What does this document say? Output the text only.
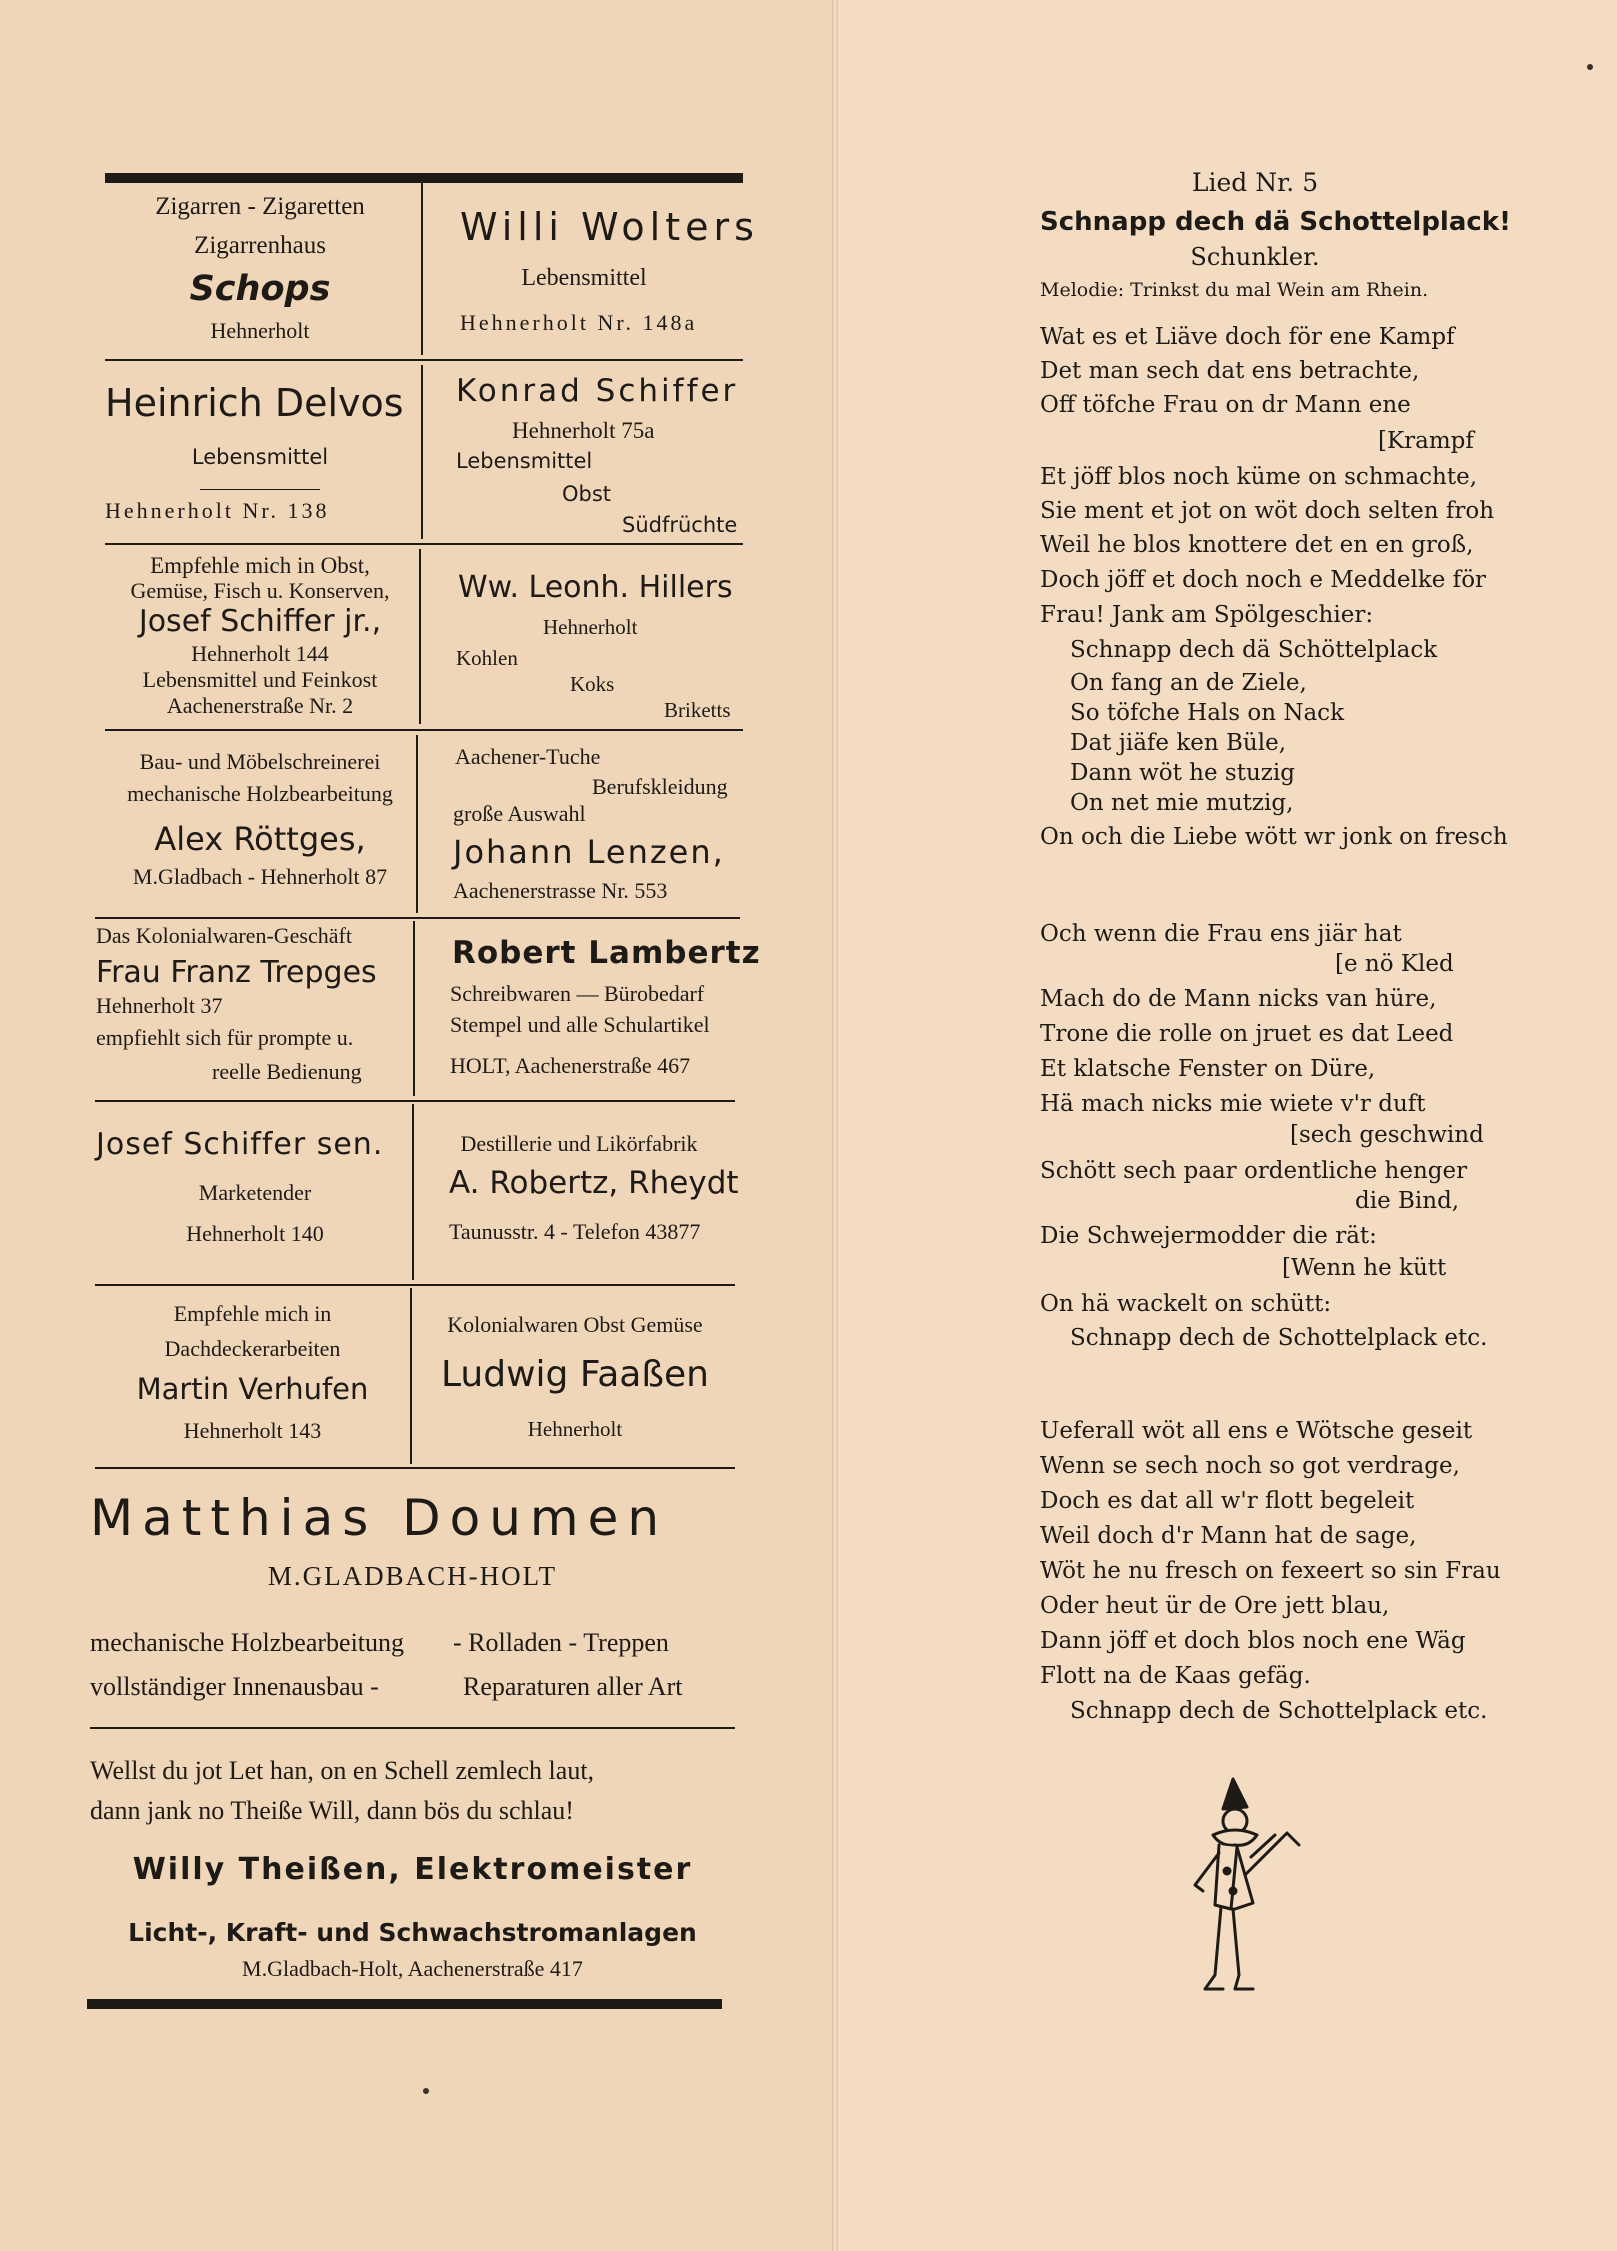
Zigarren - Zigaretten
Zigarrenhaus
Schops
Hehnerholt
Willi Wolters
Lebensmittel
Hehnerholt Nr. 148a
Heinrich Delvos
Lebensmittel
Hehnerholt Nr. 138
Konrad Schiffer
Hehnerholt 75a
Lebensmittel
Obst
Südfrüchte
Empfehle mich in Obst,
Gemüse, Fisch u. Konserven,
Josef Schiffer jr.,
Hehnerholt 144
Lebensmittel und Feinkost
Aachenerstraße Nr. 2
Ww. Leonh. Hillers
Hehnerholt
Kohlen
Koks
Briketts
Bau- und Möbelschreinerei
mechanische Holzbearbeitung
Alex Röttges,
M.Gladbach - Hehnerholt 87
Aachener-Tuche
Berufskleidung
große Auswahl
Johann Lenzen,
Aachenerstrasse Nr. 553
Das Kolonialwaren-Geschäft
Frau Franz Trepges
Hehnerholt 37
empfiehlt sich für prompte u.
reelle Bedienung
Robert Lambertz
Schreibwaren — Bürobedarf
Stempel und alle Schulartikel
HOLT, Aachenerstraße 467
Josef Schiffer sen.
Marketender
Hehnerholt 140
Destillerie und Likörfabrik
A. Robertz, Rheydt
Taunusstr. 4 - Telefon 43877
Empfehle mich in
Dachdeckerarbeiten
Martin Verhufen
Hehnerholt 143
Kolonialwaren Obst Gemüse
Ludwig Faaßen
Hehnerholt
Matthias Doumen
M.GLADBACH-HOLT
mechanische Holzbearbeitung - Rolladen - Treppen
vollständiger Innenausbau -	Reparaturen aller Art
Wellst du jot Let han, on en Schell zemlech laut,
dann jank no Theiße Will, dann bös du schlau!
Willy Theißen, Elektromeister
Licht-, Kraft- und Schwachstromanlagen
M.Gladbach-Holt, Aachenerstraße 417
Lied Nr. 5
Schnapp dech dä Schottelplack!
Schunkler.
Melodie: Trinkst du mal Wein am Rhein.
Wat es et Liäve doch för ene Kampf
Det man sech dat ens betrachte,
Off töfche Frau on dr Mann ene
[Krampf
Et jöff blos noch küme on schmachte,
Sie ment et jot on wöt doch selten froh
Weil he blos knottere det en en groß,
Doch jöff et doch noch e Meddelke för
Frau! Jank am Spölgeschier:
Schnapp dech dä Schöttelplack
On fang an de Ziele,
So töfche Hals on Nack
Dat jiäfe ken Büle,
Dann wöt he stuzig
On net mie mutzig,
On och die Liebe wött wr jonk on fresch
Och wenn die Frau ens jiär hat
[e nö Kled
Mach do de Mann nicks van hüre,
Trone die rolle on jruet es dat Leed
Et klatsche Fenster on Düre,
Hä mach nicks mie wiete v'r duft
[sech geschwind
Schött sech paar ordentliche henger
die Bind,
Die Schwejermodder die rät:
[Wenn he kütt
On hä wackelt on schütt:
Schnapp dech de Schottelplack etc.
Ueferall wöt all ens e Wötsche geseit
Wenn se sech noch so got verdrage,
Doch es dat all w'r flott begeleit
Weil doch d'r Mann hat de sage,
Wöt he nu fresch on fexeert so sin Frau
Oder heut ür de Ore jett blau,
Dann jöff et doch blos noch ene Wäg
Flott na de Kaas gefäg.
Schnapp dech de Schottelplack etc.
